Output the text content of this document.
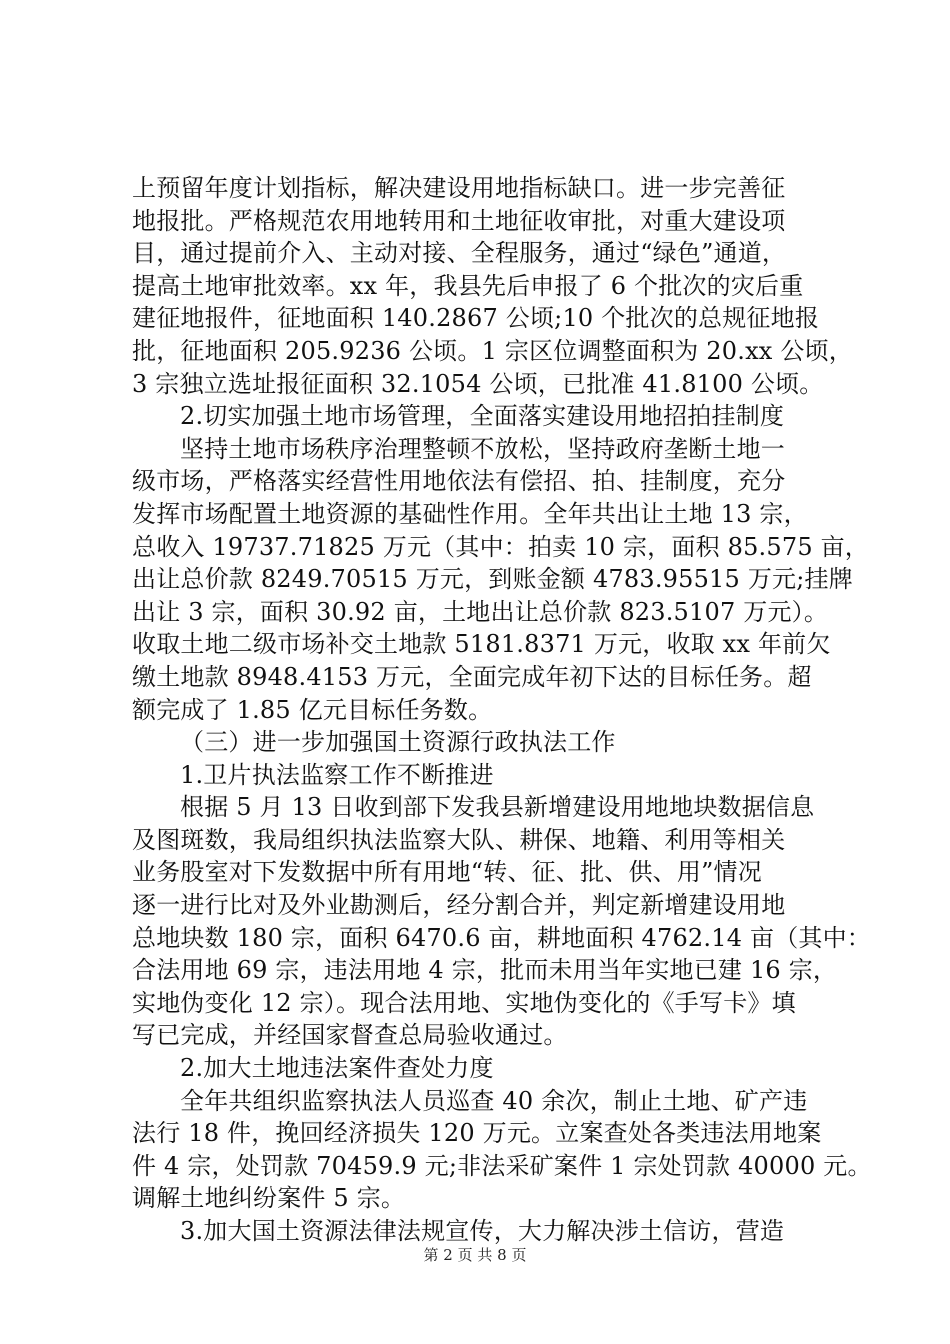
上预留年度计划指标，解决建设用地指标缺口。进一步完善征
地报批。严格规范农用地转用和土地征收审批，对重大建设项
目，通过提前介入、主动对接、全程服务，通过“绿色”通道，
提高土地审批效率。xx 年，我县先后申报了 6 个批次的灾后重
建征地报件，征地面积 140.2867 公顷;10 个批次的总规征地报
批，征地面积 205.9236 公顷。1 宗区位调整面积为 20.xx 公顷，
3 宗独立选址报征面积 32.1054 公顷，已批准 41.8100 公顷。
2.切实加强土地市场管理，全面落实建设用地招拍挂制度
坚持土地市场秩序治理整顿不放松，坚持政府垄断土地一
级市场，严格落实经营性用地依法有偿招、拍、挂制度，充分
发挥市场配置土地资源的基础性作用。全年共出让土地 13 宗，
总收入 19737.71825 万元（其中：拍卖 10 宗，面积 85.575 亩，
出让总价款 8249.70515 万元，到账金额 4783.95515 万元;挂牌
出让 3 宗，面积 30.92 亩，土地出让总价款 823.5107 万元）。
收取土地二级市场补交土地款 5181.8371 万元，收取 xx 年前欠
缴土地款 8948.4153 万元，全面完成年初下达的目标任务。超
额完成了 1.85 亿元目标任务数。
（三）进一步加强国土资源行政执法工作
1.卫片执法监察工作不断推进
根据 5 月 13 日收到部下发我县新增建设用地地块数据信息
及图斑数，我局组织执法监察大队、耕保、地籍、利用等相关
业务股室对下发数据中所有用地“转、征、批、供、用”情况
逐一进行比对及外业勘测后，经分割合并，判定新增建设用地
总地块数 180 宗，面积 6470.6 亩，耕地面积 4762.14 亩（其中：
合法用地 69 宗，违法用地 4 宗，批而未用当年实地已建 16 宗，
实地伪变化 12 宗）。现合法用地、实地伪变化的《手写卡》填
写已完成，并经国家督查总局验收通过。
2.加大土地违法案件查处力度
全年共组织监察执法人员巡查 40 余次，制止土地、矿产违
法行 18 件，挽回经济损失 120 万元。立案查处各类违法用地案
件 4 宗，处罚款 70459.9 元;非法采矿案件 1 宗处罚款 40000 元。
调解土地纠纷案件 5 宗。
3.加大国土资源法律法规宣传，大力解决涉土信访，营造
第 2 页 共 8 页
